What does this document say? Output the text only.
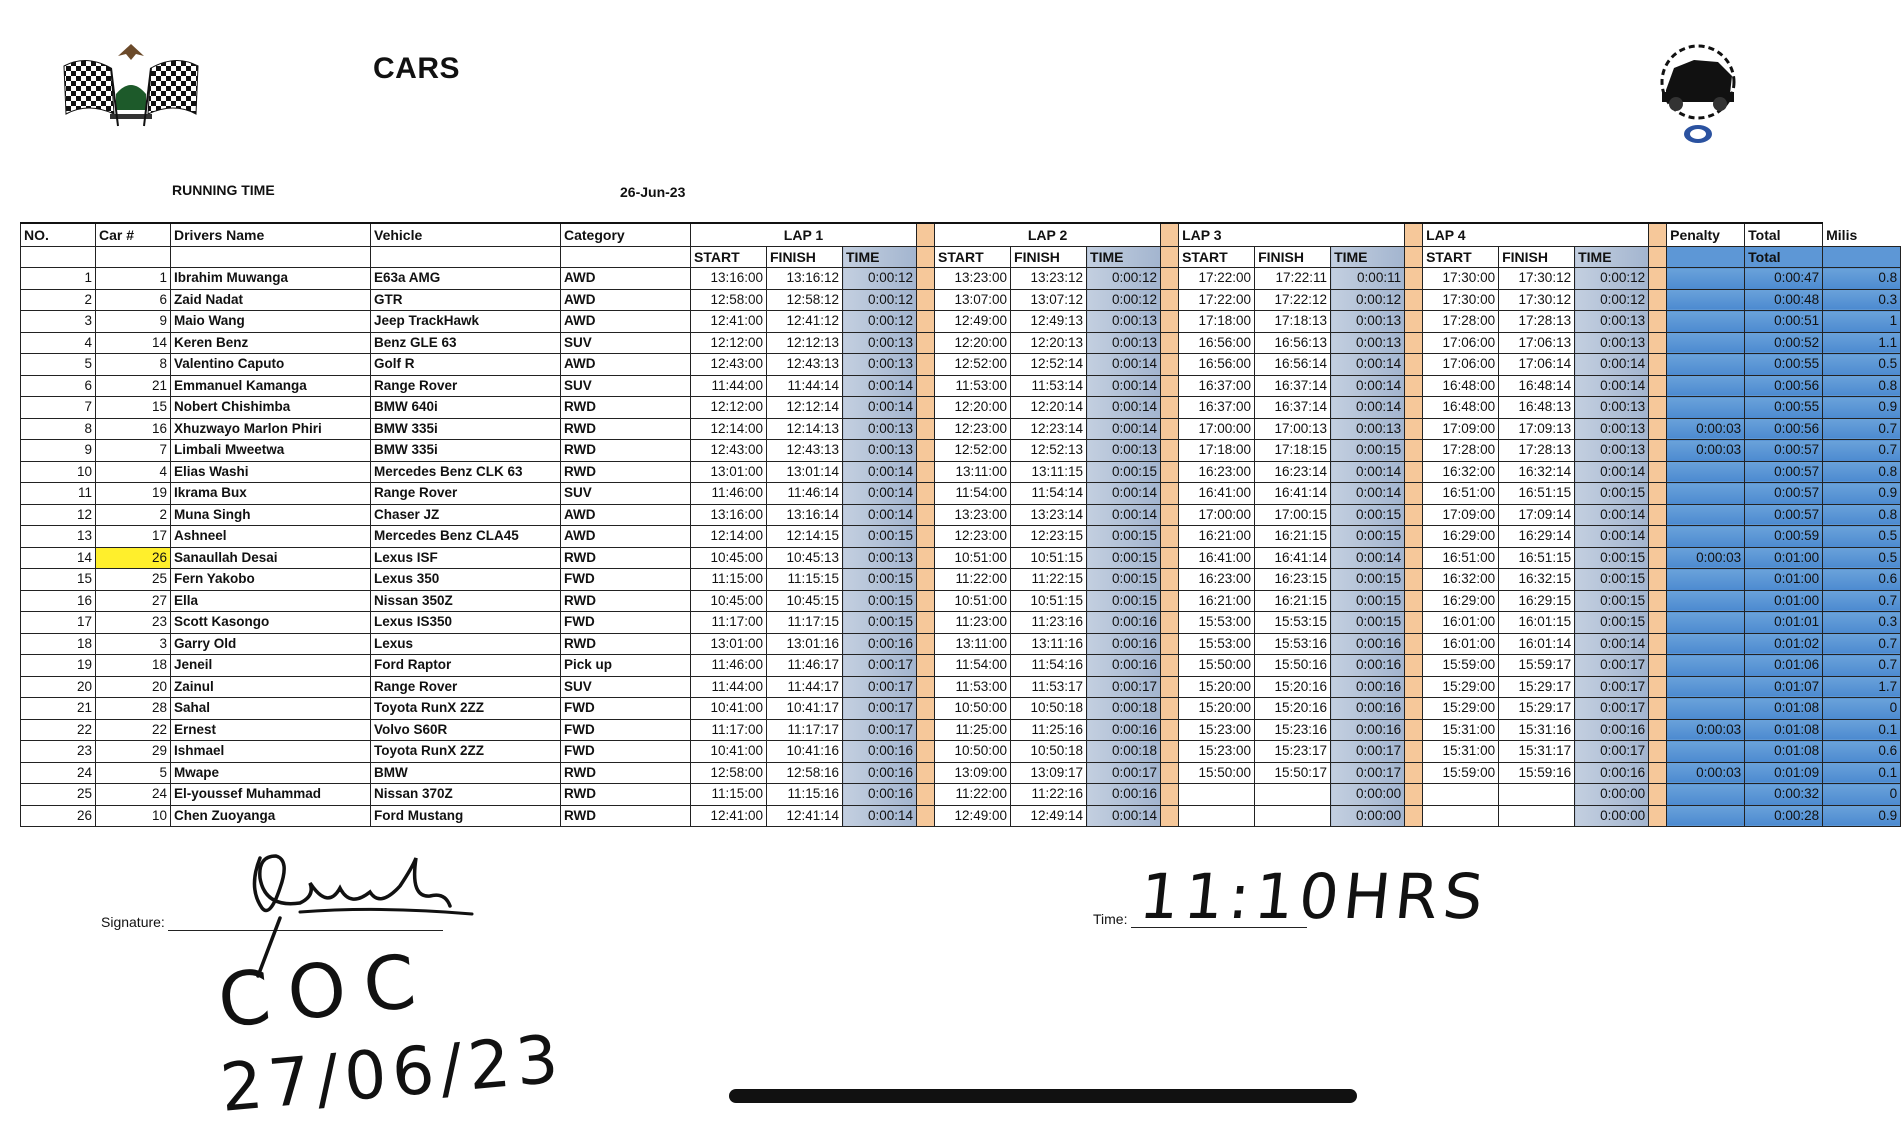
CARS
RUNNING TIME	26-Jun-23
NO.	Car #	Drivers Name	Vehicle	Category	LAP 1				LAP 2				LAP 3				LAP 4				Penalty	Total	Milis
					START	FINISH	TIME		START	FINISH	TIME		START	FINISH	TIME		START	FINISH	TIME			Total	
1	1	Ibrahim Muwanga	E63a AMG	AWD	13:16:00	13:16:12	0:00:12		13:23:00	13:23:12	0:00:12		17:22:00	17:22:11	0:00:11		17:30:00	17:30:12	0:00:12			0:00:47	0.8
2	6	Zaid Nadat	GTR	AWD	12:58:00	12:58:12	0:00:12		13:07:00	13:07:12	0:00:12		17:22:00	17:22:12	0:00:12		17:30:00	17:30:12	0:00:12			0:00:48	0.3
3	9	Maio Wang	Jeep TrackHawk	AWD	12:41:00	12:41:12	0:00:12		12:49:00	12:49:13	0:00:13		17:18:00	17:18:13	0:00:13		17:28:00	17:28:13	0:00:13			0:00:51	1
4	14	Keren Benz	Benz GLE 63	SUV	12:12:00	12:12:13	0:00:13		12:20:00	12:20:13	0:00:13		16:56:00	16:56:13	0:00:13		17:06:00	17:06:13	0:00:13			0:00:52	1.1
5	8	Valentino Caputo	Golf R	AWD	12:43:00	12:43:13	0:00:13		12:52:00	12:52:14	0:00:14		16:56:00	16:56:14	0:00:14		17:06:00	17:06:14	0:00:14			0:00:55	0.5
6	21	Emmanuel Kamanga	Range Rover	SUV	11:44:00	11:44:14	0:00:14		11:53:00	11:53:14	0:00:14		16:37:00	16:37:14	0:00:14		16:48:00	16:48:14	0:00:14			0:00:56	0.8
7	15	Nobert Chishimba	BMW 640i	RWD	12:12:00	12:12:14	0:00:14		12:20:00	12:20:14	0:00:14		16:37:00	16:37:14	0:00:14		16:48:00	16:48:13	0:00:13			0:00:55	0.9
8	16	Xhuzwayo Marlon Phiri	BMW 335i	RWD	12:14:00	12:14:13	0:00:13		12:23:00	12:23:14	0:00:14		17:00:00	17:00:13	0:00:13		17:09:00	17:09:13	0:00:13		0:00:03	0:00:56	0.7
9	7	Limbali Mweetwa	BMW 335i	RWD	12:43:00	12:43:13	0:00:13		12:52:00	12:52:13	0:00:13		17:18:00	17:18:15	0:00:15		17:28:00	17:28:13	0:00:13		0:00:03	0:00:57	0.7
10	4	Elias Washi	Mercedes Benz CLK 63	RWD	13:01:00	13:01:14	0:00:14		13:11:00	13:11:15	0:00:15		16:23:00	16:23:14	0:00:14		16:32:00	16:32:14	0:00:14			0:00:57	0.8
11	19	Ikrama Bux	Range Rover	SUV	11:46:00	11:46:14	0:00:14		11:54:00	11:54:14	0:00:14		16:41:00	16:41:14	0:00:14		16:51:00	16:51:15	0:00:15			0:00:57	0.9
12	2	Muna Singh	Chaser JZ	AWD	13:16:00	13:16:14	0:00:14		13:23:00	13:23:14	0:00:14		17:00:00	17:00:15	0:00:15		17:09:00	17:09:14	0:00:14			0:00:57	0.8
13	17	Ashneel	Mercedes Benz CLA45	AWD	12:14:00	12:14:15	0:00:15		12:23:00	12:23:15	0:00:15		16:21:00	16:21:15	0:00:15		16:29:00	16:29:14	0:00:14			0:00:59	0.5
14	26	Sanaullah Desai	Lexus ISF	RWD	10:45:00	10:45:13	0:00:13		10:51:00	10:51:15	0:00:15		16:41:00	16:41:14	0:00:14		16:51:00	16:51:15	0:00:15		0:00:03	0:01:00	0.5
15	25	Fern Yakobo	Lexus 350	FWD	11:15:00	11:15:15	0:00:15		11:22:00	11:22:15	0:00:15		16:23:00	16:23:15	0:00:15		16:32:00	16:32:15	0:00:15			0:01:00	0.6
16	27	Ella	Nissan 350Z	RWD	10:45:00	10:45:15	0:00:15		10:51:00	10:51:15	0:00:15		16:21:00	16:21:15	0:00:15		16:29:00	16:29:15	0:00:15			0:01:00	0.7
17	23	Scott Kasongo	Lexus IS350	FWD	11:17:00	11:17:15	0:00:15		11:23:00	11:23:16	0:00:16		15:53:00	15:53:15	0:00:15		16:01:00	16:01:15	0:00:15			0:01:01	0.3
18	3	Garry Old	Lexus	RWD	13:01:00	13:01:16	0:00:16		13:11:00	13:11:16	0:00:16		15:53:00	15:53:16	0:00:16		16:01:00	16:01:14	0:00:14			0:01:02	0.7
19	18	Jeneil	Ford Raptor	Pick up	11:46:00	11:46:17	0:00:17		11:54:00	11:54:16	0:00:16		15:50:00	15:50:16	0:00:16		15:59:00	15:59:17	0:00:17			0:01:06	0.7
20	20	Zainul	Range Rover	SUV	11:44:00	11:44:17	0:00:17		11:53:00	11:53:17	0:00:17		15:20:00	15:20:16	0:00:16		15:29:00	15:29:17	0:00:17			0:01:07	1.7
21	28	Sahal	Toyota RunX 2ZZ	FWD	10:41:00	10:41:17	0:00:17		10:50:00	10:50:18	0:00:18		15:20:00	15:20:16	0:00:16		15:29:00	15:29:17	0:00:17			0:01:08	0
22	22	Ernest	Volvo S60R	FWD	11:17:00	11:17:17	0:00:17		11:25:00	11:25:16	0:00:16		15:23:00	15:23:16	0:00:16		15:31:00	15:31:16	0:00:16		0:00:03	0:01:08	0.1
23	29	Ishmael	Toyota RunX 2ZZ	FWD	10:41:00	10:41:16	0:00:16		10:50:00	10:50:18	0:00:18		15:23:00	15:23:17	0:00:17		15:31:00	15:31:17	0:00:17			0:01:08	0.6
24	5	Mwape	BMW	RWD	12:58:00	12:58:16	0:00:16		13:09:00	13:09:17	0:00:17		15:50:00	15:50:17	0:00:17		15:59:00	15:59:16	0:00:16		0:00:03	0:01:09	0.1
25	24	El-youssef Muhammad	Nissan 370Z	RWD	11:15:00	11:15:16	0:00:16		11:22:00	11:22:16	0:00:16				0:00:00				0:00:00			0:00:32	0
26	10	Chen Zuoyanga	Ford Mustang	RWD	12:41:00	12:41:14	0:00:14		12:49:00	12:49:14	0:00:14				0:00:00				0:00:00			0:00:28	0.9
Signature:	Time: 11:10HRS
COC
27/06/23
